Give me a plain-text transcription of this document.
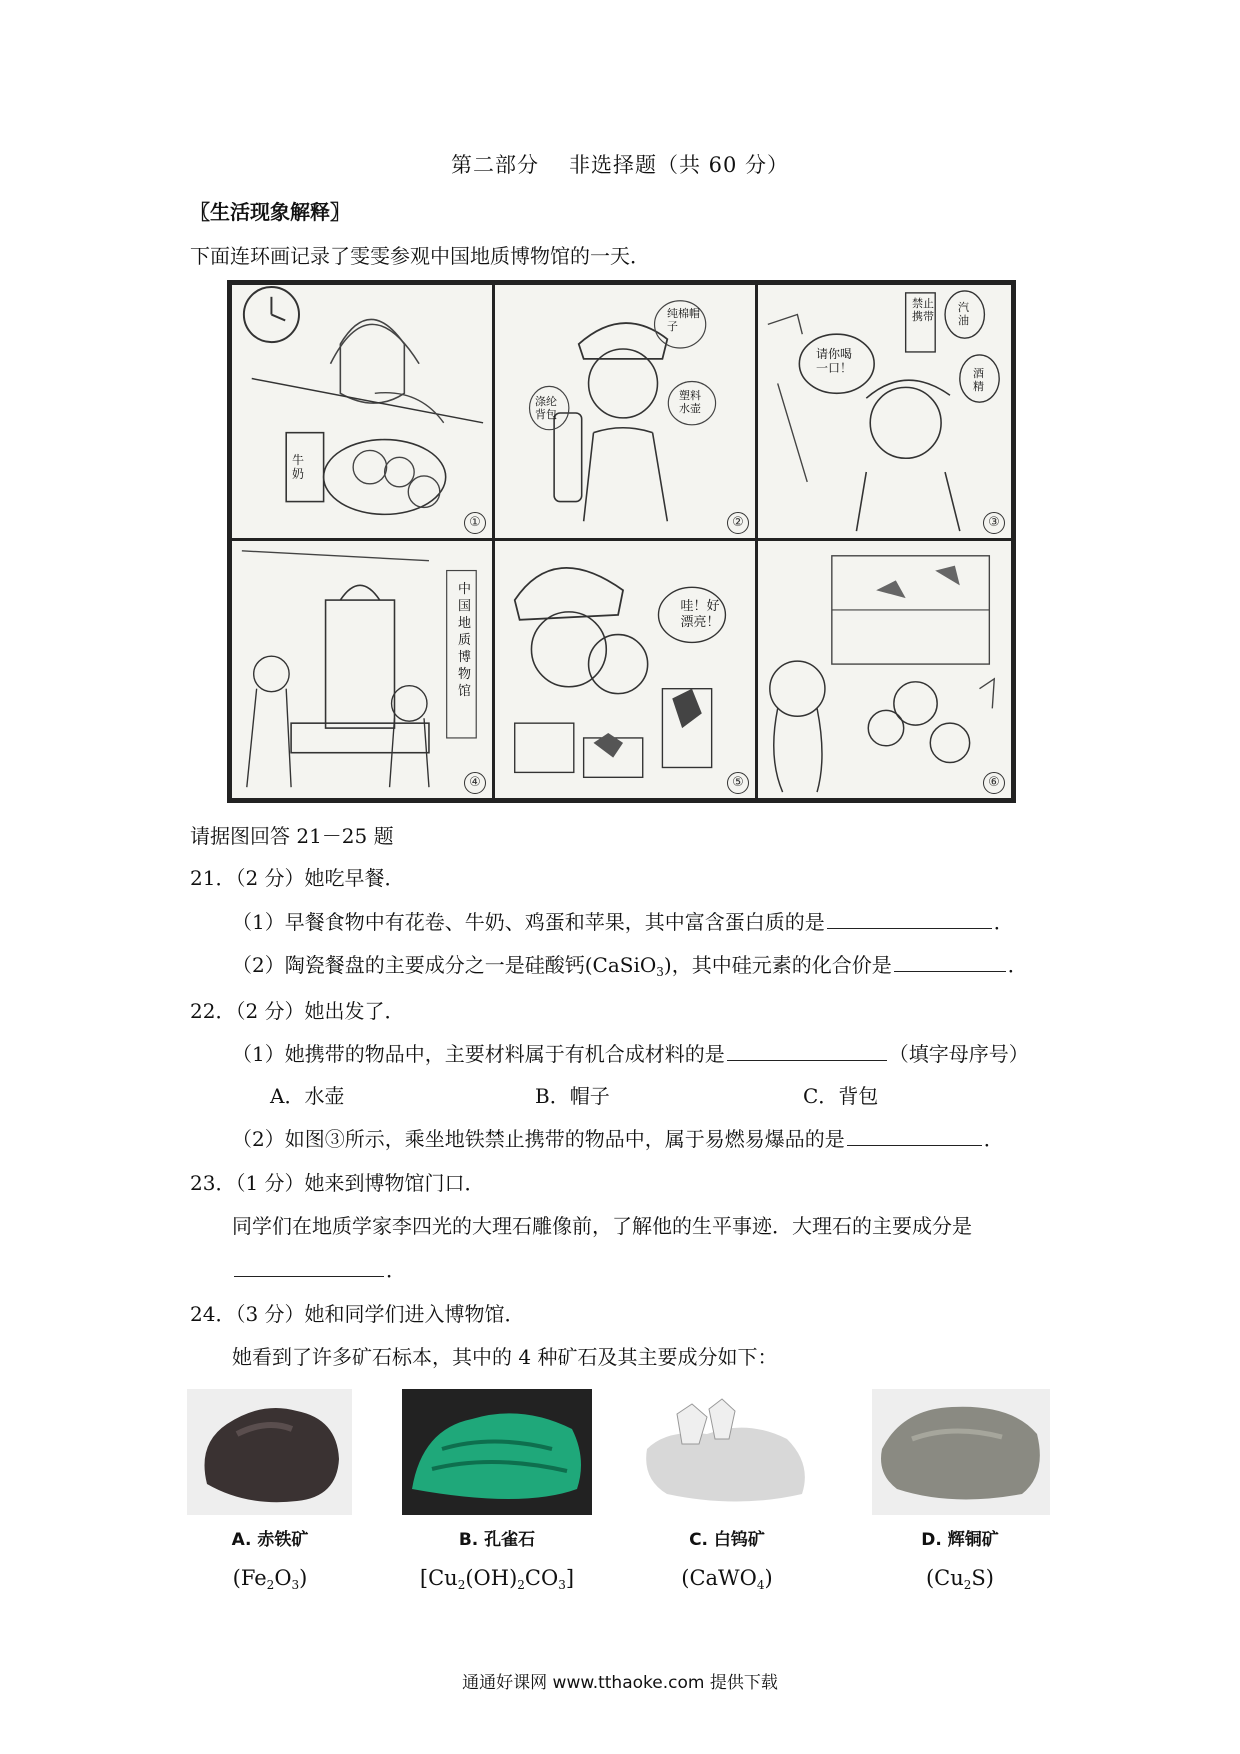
第二部分 非选择题（共 60 分）
〖生活现象解释〗
下面连环画记录了雯雯参观中国地质博物馆的一天．
牛奶
①
纯棉帽子
涤纶背包
塑料水壶
②
禁止携带
汽油
酒精
请你喝一口！
③
中国地质博物馆
④
哇！好漂亮！
⑤	⑥
请据图回答 21－25 题
21．（2 分）她吃早餐．
（1）早餐食物中有花卷、牛奶、鸡蛋和苹果，其中富含蛋白质的是	．
（2）陶瓷餐盘的主要成分之一是硅酸钙(CaSiO$_3$)，其中硅元素的化合价是	．
22．（2 分）她出发了．
（1）她携带的物品中，主要材料属于有机合成材料的是	（填字母序号）
A．水壶	B．帽子	C．背包
（2）如图③所示，乘坐地铁禁止携带的物品中，属于易燃易爆品的是	．
23．（1 分）她来到博物馆门口．
同学们在地质学家李四光的大理石雕像前，了解他的生平事迹．大理石的主要成分是
．
24．（3 分）她和同学们进入博物馆．
她看到了许多矿石标本，其中的 4 种矿石及其主要成分如下：
A. 赤铁矿	B. 孔雀石	C. 白钨矿	D. 辉铜矿
$(Fe_2O_3)$	$[Cu_2(OH)_2CO_3]$	(CaWO$_4$)	$(Cu_2S)$
通通好课网 www.tthaoke.com 提供下载
